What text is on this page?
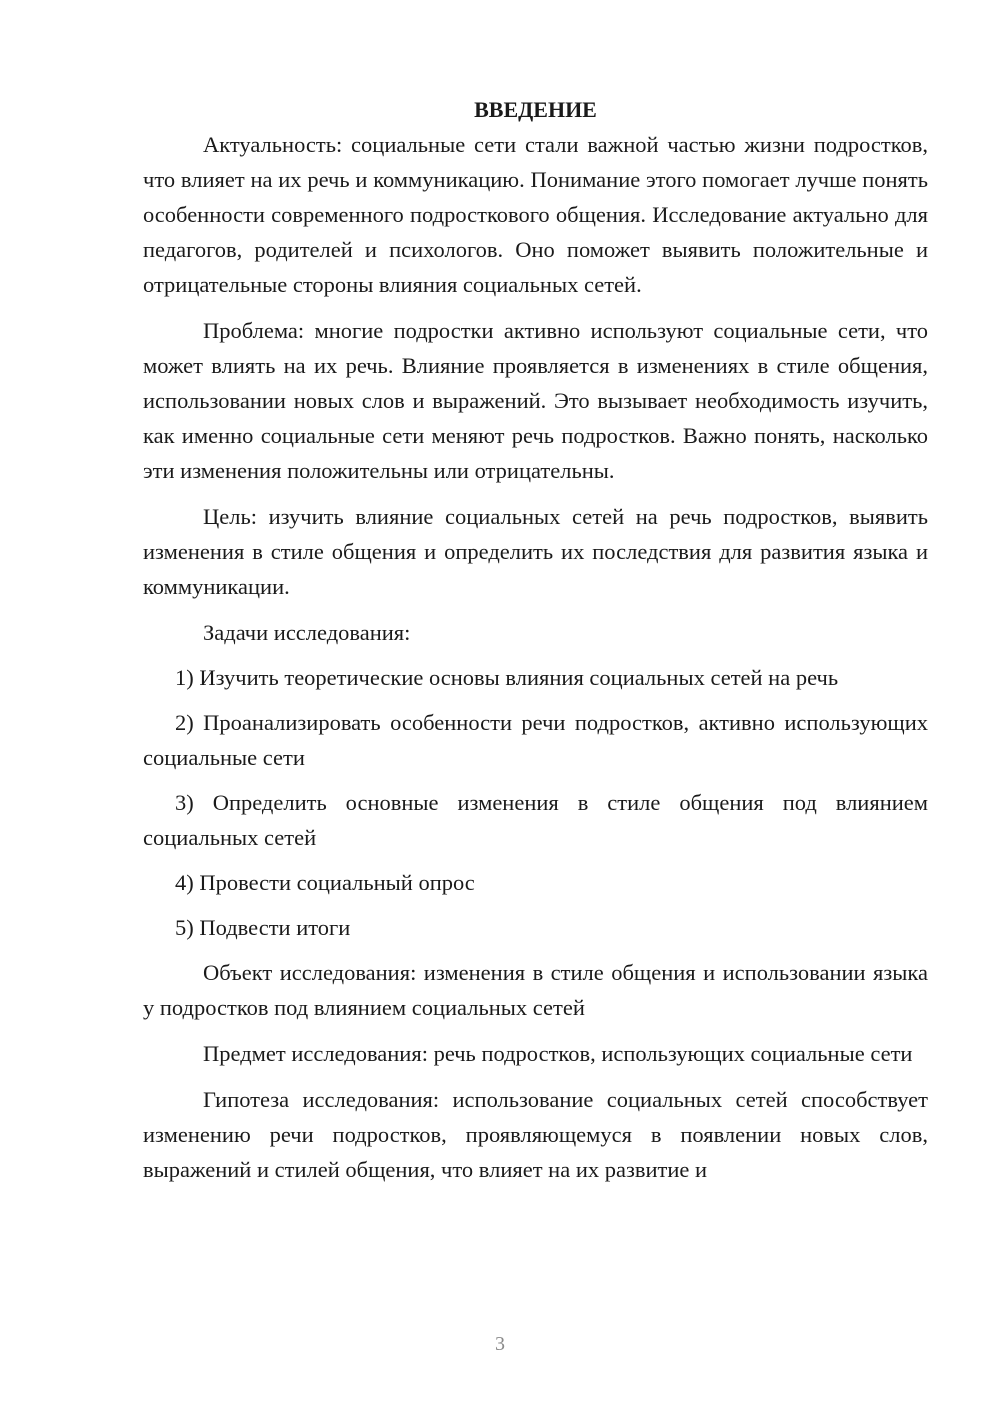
ВВЕДЕНИЕ

Актуальность: социальные сети стали важной частью жизни подростков, что влияет на их речь и коммуникацию. Понимание этого помогает лучше понять особенности современного подросткового общения. Исследование актуально для педагогов, родителей и психологов. Оно поможет выявить положительные и отрицательные стороны влияния социальных сетей.

Проблема: многие подростки активно используют социальные сети, что может влиять на их речь. Влияние проявляется в изменениях в стиле общения, использовании новых слов и выражений. Это вызывает необходимость изучить, как именно социальные сети меняют речь подростков. Важно понять, насколько эти изменения положительны или отрицательны.

Цель: изучить влияние социальных сетей на речь подростков, выявить изменения в стиле общения и определить их последствия для развития языка и коммуникации.

Задачи исследования:

1) Изучить теоретические основы влияния социальных сетей на речь

2) Проанализировать особенности речи подростков, активно использующих социальные сети

3) Определить основные изменения в стиле общения под влиянием социальных сетей

4) Провести социальный опрос

5) Подвести итоги

Объект исследования: изменения в стиле общения и использовании языка у подростков под влиянием социальных сетей

Предмет исследования: речь подростков, использующих социальные сети

Гипотеза исследования: использование социальных сетей способствует изменению речи подростков, проявляющемуся в появлении новых слов, выражений и стилей общения, что влияет на их развитие и

3
